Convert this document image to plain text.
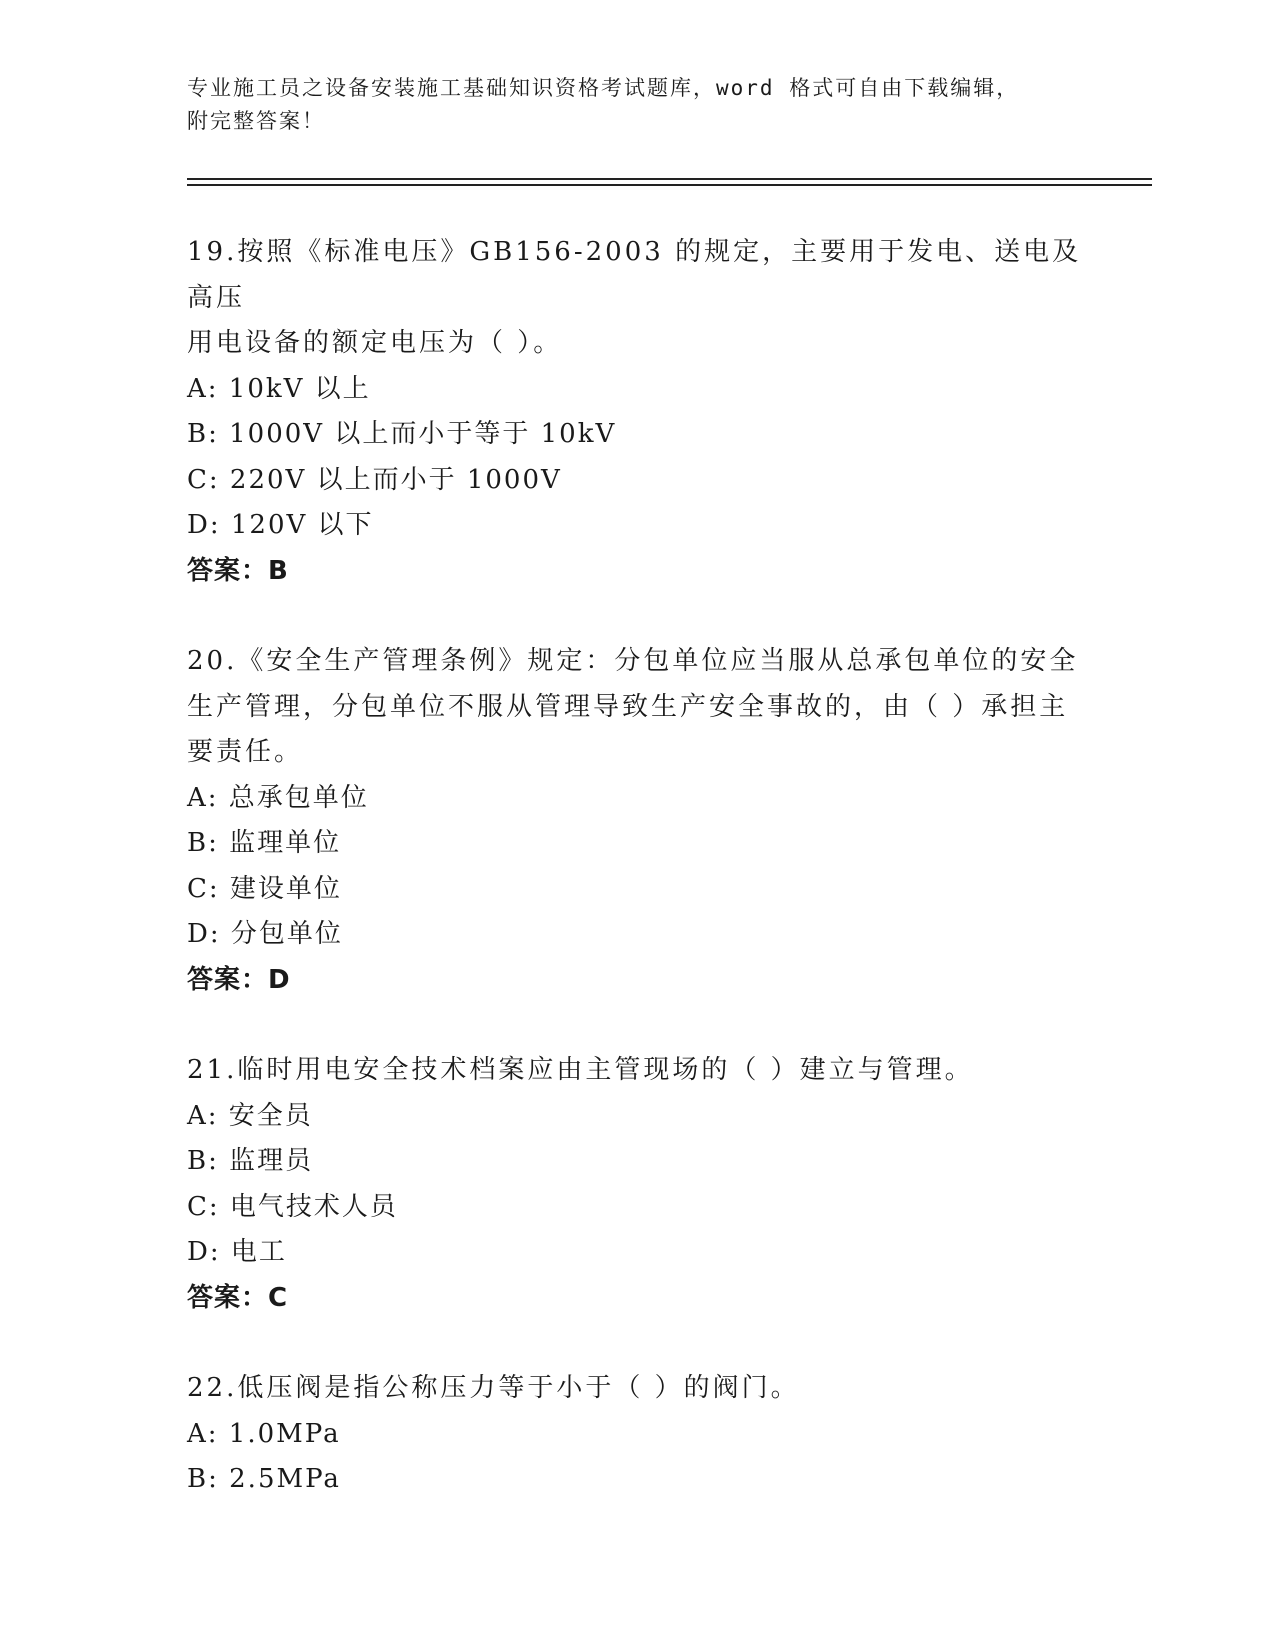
专业施工员之设备安装施工基础知识资格考试题库，word 格式可自由下载编辑，
附完整答案！

19.按照《标准电压》GB156-2003 的规定，主要用于发电、送电及高压

用电设备的额定电压为（ ）。

A: 10kV 以上

B: 1000V 以上而小于等于 10kV

C: 220V 以上而小于 1000V

D: 120V 以下

答案：B

20.《安全生产管理条例》规定：分包单位应当服从总承包单位的安全

生产管理，分包单位不服从管理导致生产安全事故的，由（ ）承担主

要责任。

A: 总承包单位

B: 监理单位

C: 建设单位

D: 分包单位

答案：D

21.临时用电安全技术档案应由主管现场的（ ）建立与管理。

A: 安全员

B: 监理员

C: 电气技术人员

D: 电工

答案：C

22.低压阀是指公称压力等于小于（ ）的阀门。

A: 1.0MPa

B: 2.5MPa
